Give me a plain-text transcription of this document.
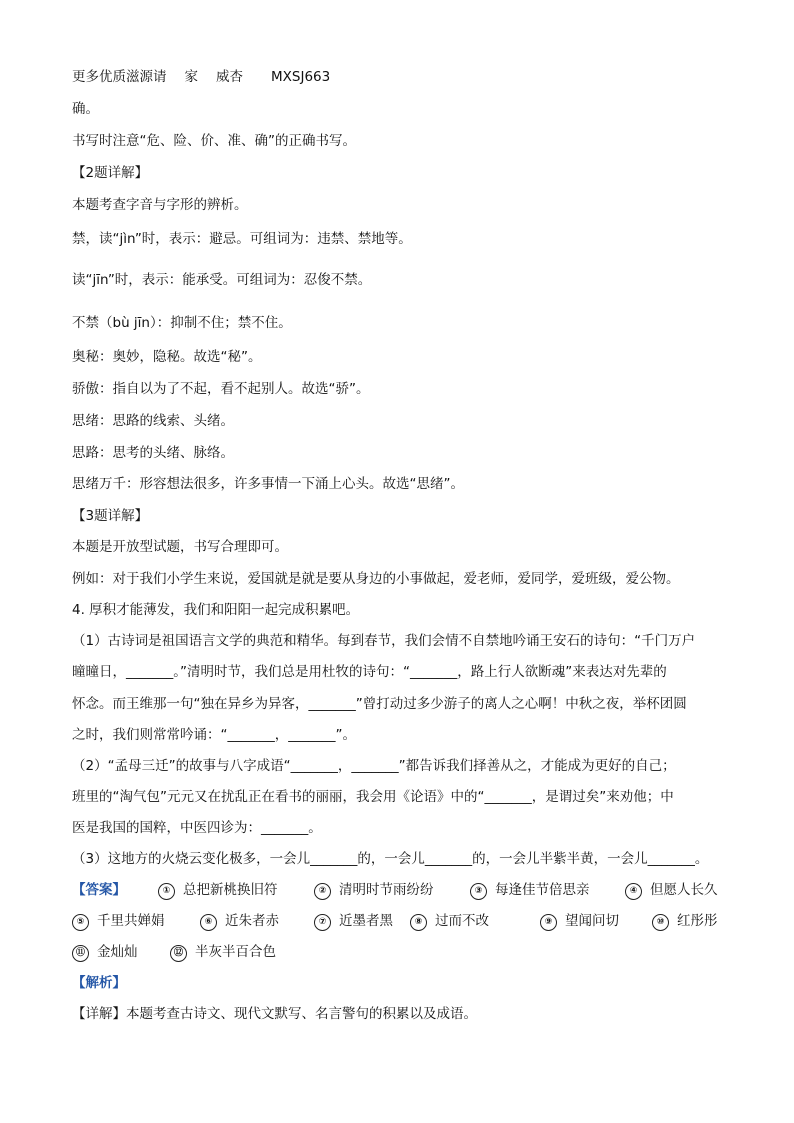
更多优质滋源请 家 威杏 MXSJ663
确。
书写时注意“危、险、价、准、确”的正确书写。
【2题详解】
本题考查字音与字形的辨析。
禁，读“jìn”时，表示：避忌。可组词为：违禁、禁地等。
读“jīn”时，表示：能承受。可组词为：忍俊不禁。
不禁（bù jīn）：抑制不住；禁不住。
奥秘：奥妙，隐秘。故选“秘”。
骄傲：指自以为了不起，看不起别人。故选“骄”。
思绪：思路的线索、头绪。
思路：思考的头绪、脉络。
思绪万千：形容想法很多，许多事情一下涌上心头。故选“思绪”。
【3题详解】
本题是开放型试题，书写合理即可。
例如：对于我们小学生来说，爱国就是就是要从身边的小事做起，爱老师，爱同学，爱班级，爱公物。
4. 厚积才能薄发，我们和阳阳一起完成积累吧。
（1）古诗词是祖国语言文学的典范和精华。每到春节，我们会情不自禁地吟诵王安石的诗句：“千门万户
曈曈日，_______。”清明时节，我们总是用杜牧的诗句：“_______，路上行人欲断魂”来表达对先辈的
怀念。而王维那一句“独在异乡为异客，_______”曾打动过多少游子的离人之心啊！中秋之夜，举杯团圆
之时，我们则常常吟诵：“_______，_______”。
（2）“孟母三迁”的故事与八字成语“_______，_______”都告诉我们择善从之，才能成为更好的自己；
班里的“淘气包”元元又在扰乱正在看书的丽丽，我会用《论语》中的“_______，是谓过矣”来劝他；中
医是我国的国粹，中医四诊为：_______。
（3）这地方的火烧云变化极多，一会儿_______的，一会儿_______的，一会儿半紫半黄，一会儿_______。
【答案】	① 总把新桃换旧符	② 清明时节雨纷纷	③ 每逢佳节倍思亲	④ 但愿人长久
⑤ 千里共婵娟	⑥ 近朱者赤	⑦ 近墨者黑	⑧ 过而不改	⑨ 望闻问切	⑩ 红彤彤
⑪ 金灿灿	⑫ 半灰半百合色
【解析】
【详解】本题考查古诗文、现代文默写、名言警句的积累以及成语。
